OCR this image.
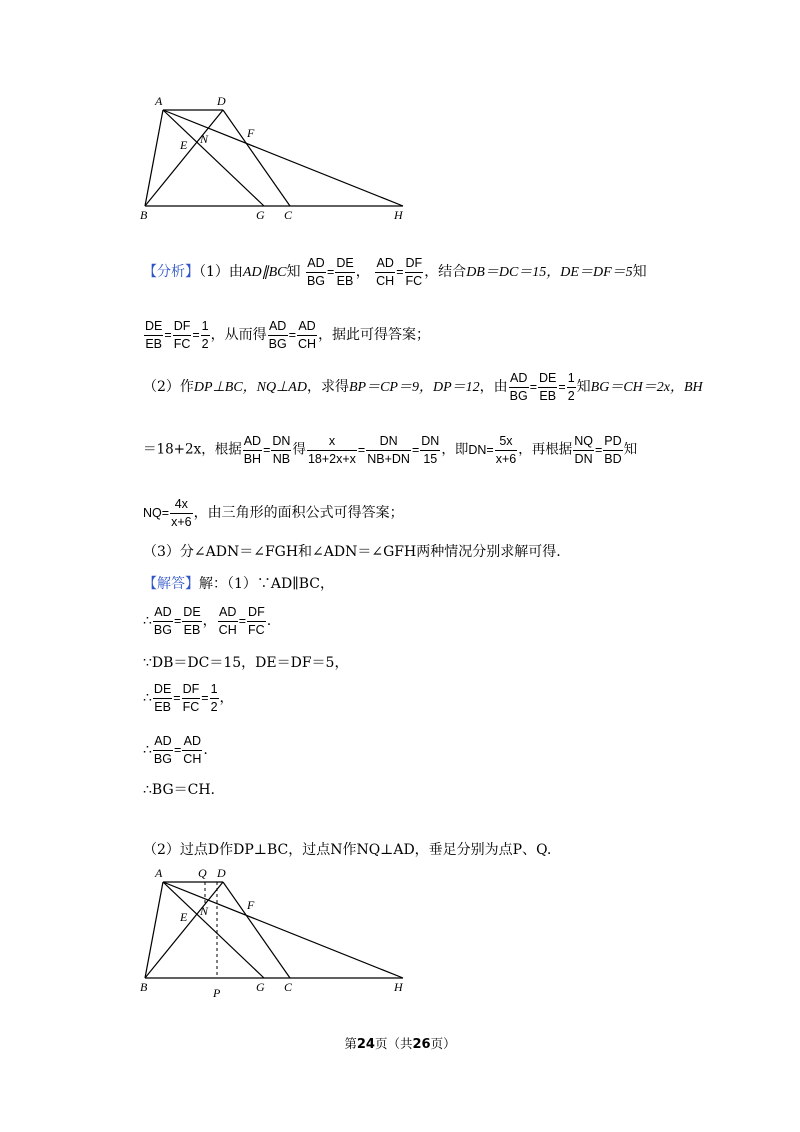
A	D
E N	F
B	G C	H
【分析】（1）由AD∥BC知 $\frac{AD}{BG} = \frac{DE}{EB}$ ， $\frac{AD}{CH} = \frac{DF}{FC}$ ，结合DB＝DC＝15，DE＝DF＝5知
$\frac{DE}{EB} = \frac{DF}{FC} = \frac{1}{2}$ ，从而得 $\frac{AD}{BG} = \frac{AD}{CH}$ ，据此可得答案；
（2）作DP⊥BC，NQ⊥AD，求得BP＝CP＝9，DP＝12，由 $\frac{AD}{BG} = \frac{DE}{EB} = \frac{1}{2}$ 知BG＝CH＝2x，BH
＝18+2x，根据 $\frac{AD}{BH} = \frac{DN}{NB}$ 得 $\frac{x}{18+2x+x} = \frac{DN}{NB+DN} = \frac{DN}{15}$ ，即$DN= \frac{5x}{x+6}$ ，再根据 $\frac{NQ}{DN} = \frac{PD}{BD}$ 知
$NQ= \frac{4x}{x+6}$ ，由三角形的面积公式可得答案；
（3）分∠ADN＝∠FGH和∠ADN＝∠GFH两种情况分别求解可得.
【解答】解：（1）∵AD∥BC，
∴ $\frac{AD}{BG} = \frac{DE}{EB}$ ， $\frac{AD}{CH} = \frac{DF}{FC}$ .
∵DB＝DC＝15，DE＝DF＝5，
∴ $\frac{DE}{EB} = \frac{DF}{FC} = \frac{1}{2}$ ，
∴ $\frac{AD}{BG} = \frac{AD}{CH}$ .
∴BG＝CH.
（2）过点D作DP⊥BC，过点N作NQ⊥AD，垂足分别为点P、Q.
A	Q D
E N	F
B	P	G C	H
第24页（共26页）
